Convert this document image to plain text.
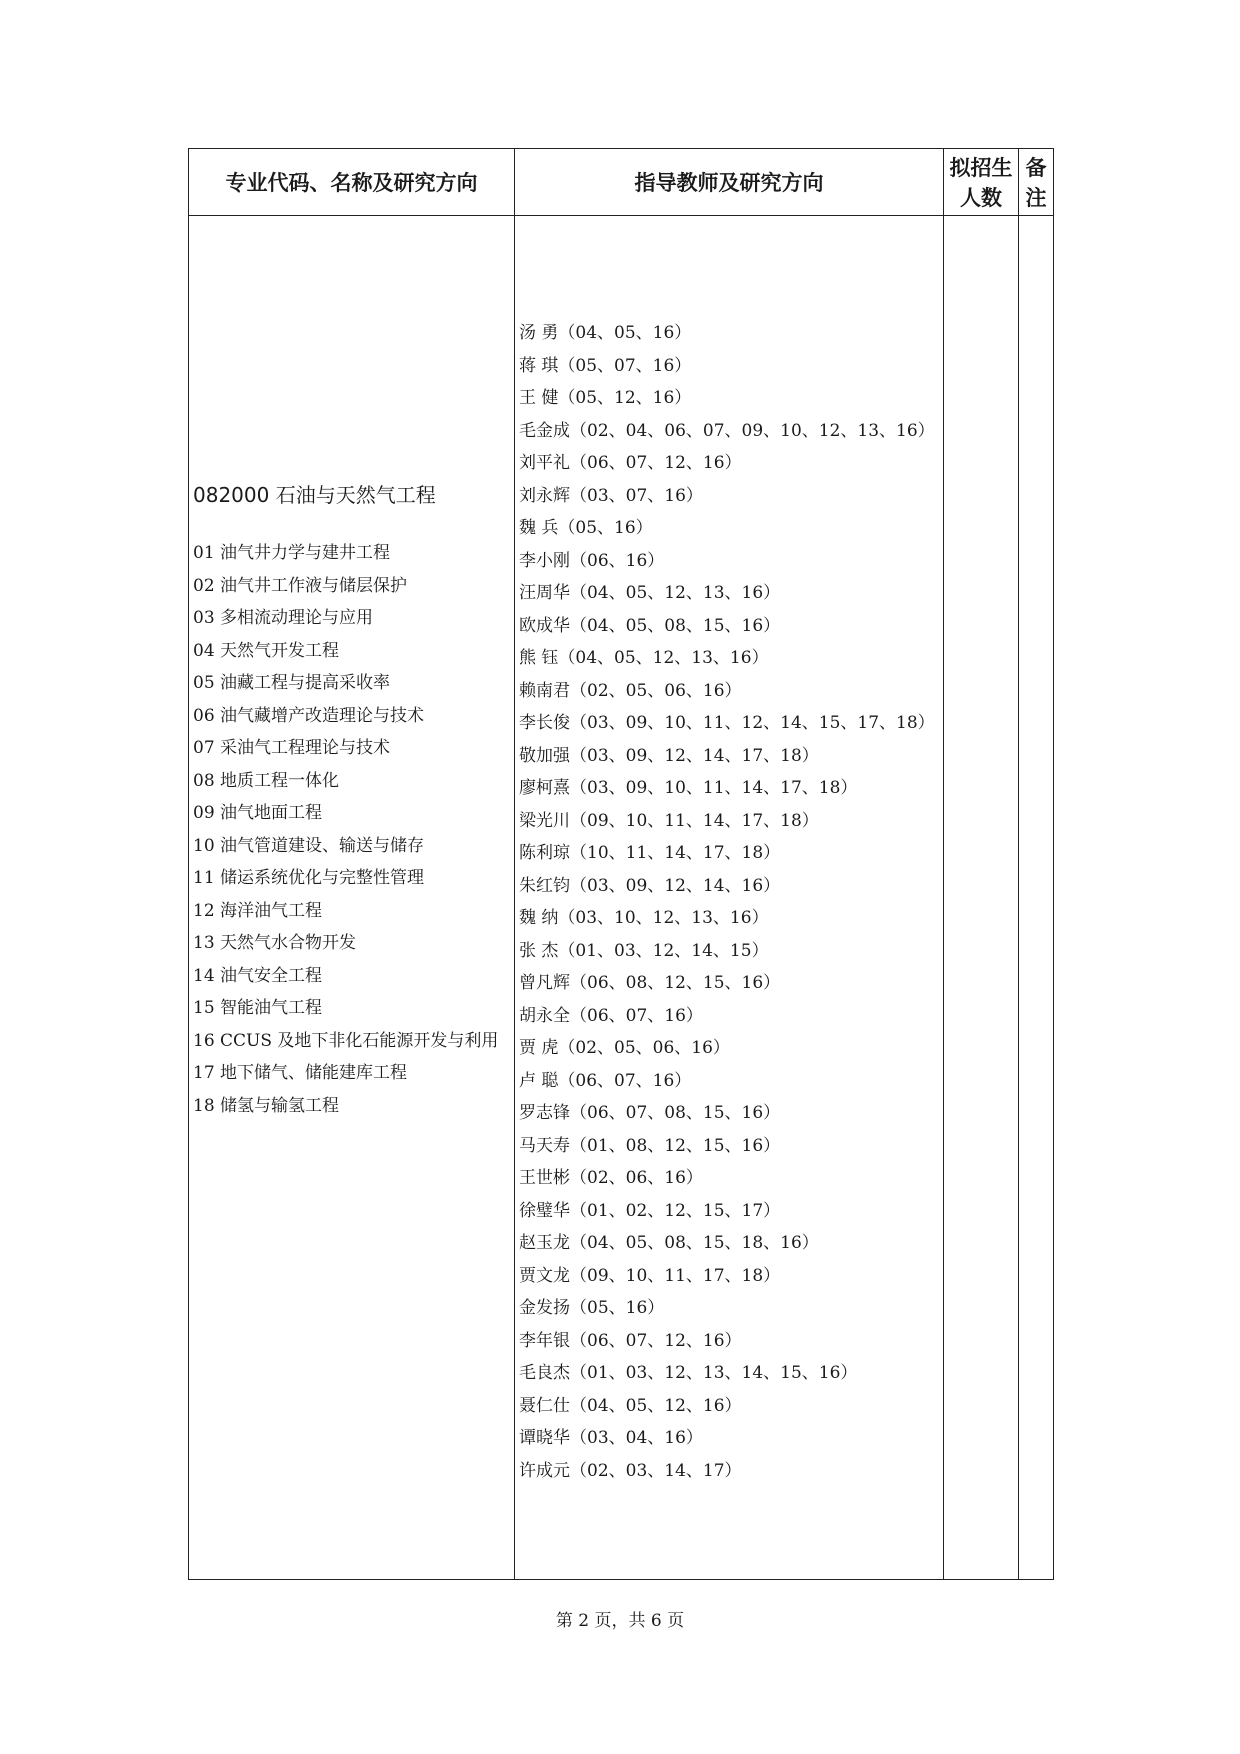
专业代码、名称及研究方向	指导教师及研究方向
拟招生
人数
备
注
082000 石油与天然气工程
01 油气井力学与建井工程
02 油气井工作液与储层保护
03 多相流动理论与应用
04 天然气开发工程
05 油藏工程与提高采收率
06 油气藏增产改造理论与技术
07 采油气工程理论与技术
08 地质工程一体化
09 油气地面工程
10 油气管道建设、输送与储存
11 储运系统优化与完整性管理
12 海洋油气工程
13 天然气水合物开发
14 油气安全工程
15 智能油气工程
16 CCUS 及地下非化石能源开发与利用
17 地下储气、储能建库工程
18 储氢与输氢工程
汤 勇（04、05、16）
蒋 琪（05、07、16）
王 健（05、12、16）
毛金成（02、04、06、07、09、10、12、13、16）
刘平礼（06、07、12、16）
刘永辉（03、07、16）
魏 兵（05、16）
李小刚（06、16）
汪周华（04、05、12、13、16）
欧成华（04、05、08、15、16）
熊 钰（04、05、12、13、16）
赖南君（02、05、06、16）
李长俊（03、09、10、11、12、14、15、17、18）
敬加强（03、09、12、14、17、18）
廖柯熹（03、09、10、11、14、17、18）
梁光川（09、10、11、14、17、18）
陈利琼（10、11、14、17、18）
朱红钧（03、09、12、14、16）
魏 纳（03、10、12、13、16）
张 杰（01、03、12、14、15）
曾凡辉（06、08、12、15、16）
胡永全（06、07、16）
贾 虎（02、05、06、16）
卢 聪（06、07、16）
罗志锋（06、07、08、15、16）
马天寿（01、08、12、15、16）
王世彬（02、06、16）
徐璧华（01、02、12、15、17）
赵玉龙（04、05、08、15、18、16）
贾文龙（09、10、11、17、18）
金发扬（05、16）
李年银（06、07、12、16）
毛良杰（01、03、12、13、14、15、16）
聂仁仕（04、05、12、16）
谭晓华（03、04、16）
许成元（02、03、14、17）
第 2 页，共 6 页
